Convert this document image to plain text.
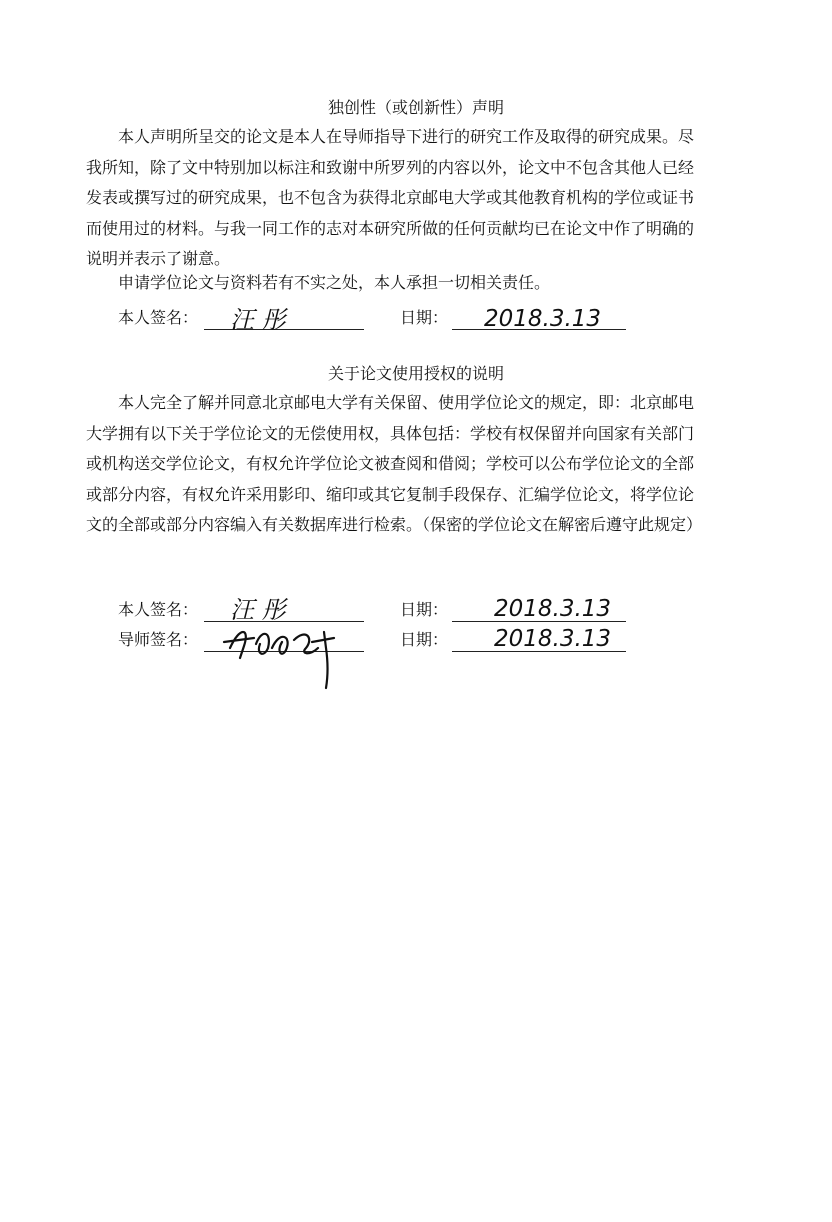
独创性（或创新性）声明

本人声明所呈交的论文是本人在导师指导下进行的研究工作及取得的研究成果。尽我所知，除了文中特别加以标注和致谢中所罗列的内容以外，论文中不包含其他人已经发表或撰写过的研究成果，也不包含为获得北京邮电大学或其他教育机构的学位或证书而使用过的材料。与我一同工作的志对本研究所做的任何贡献均已在论文中作了明确的说明并表示了谢意。

申请学位论文与资料若有不实之处，本人承担一切相关责任。

本人签名： 汪 彤	日期： 2018.3.13
关于论文使用授权的说明

本人完全了解并同意北京邮电大学有关保留、使用学位论文的规定，即：北京邮电大学拥有以下关于学位论文的无偿使用权，具体包括：学校有权保留并向国家有关部门或机构送交学位论文，有权允许学位论文被查阅和借阅；学校可以公布学位论文的全部或部分内容，有权允许采用影印、缩印或其它复制手段保存、汇编学位论文，将学位论文的全部或部分内容编入有关数据库进行检索。（保密的学位论文在解密后遵守此规定）

本人签名： 汪 彤	日期： 2018.3.13
导师签名：	日期： 2018.3.13
